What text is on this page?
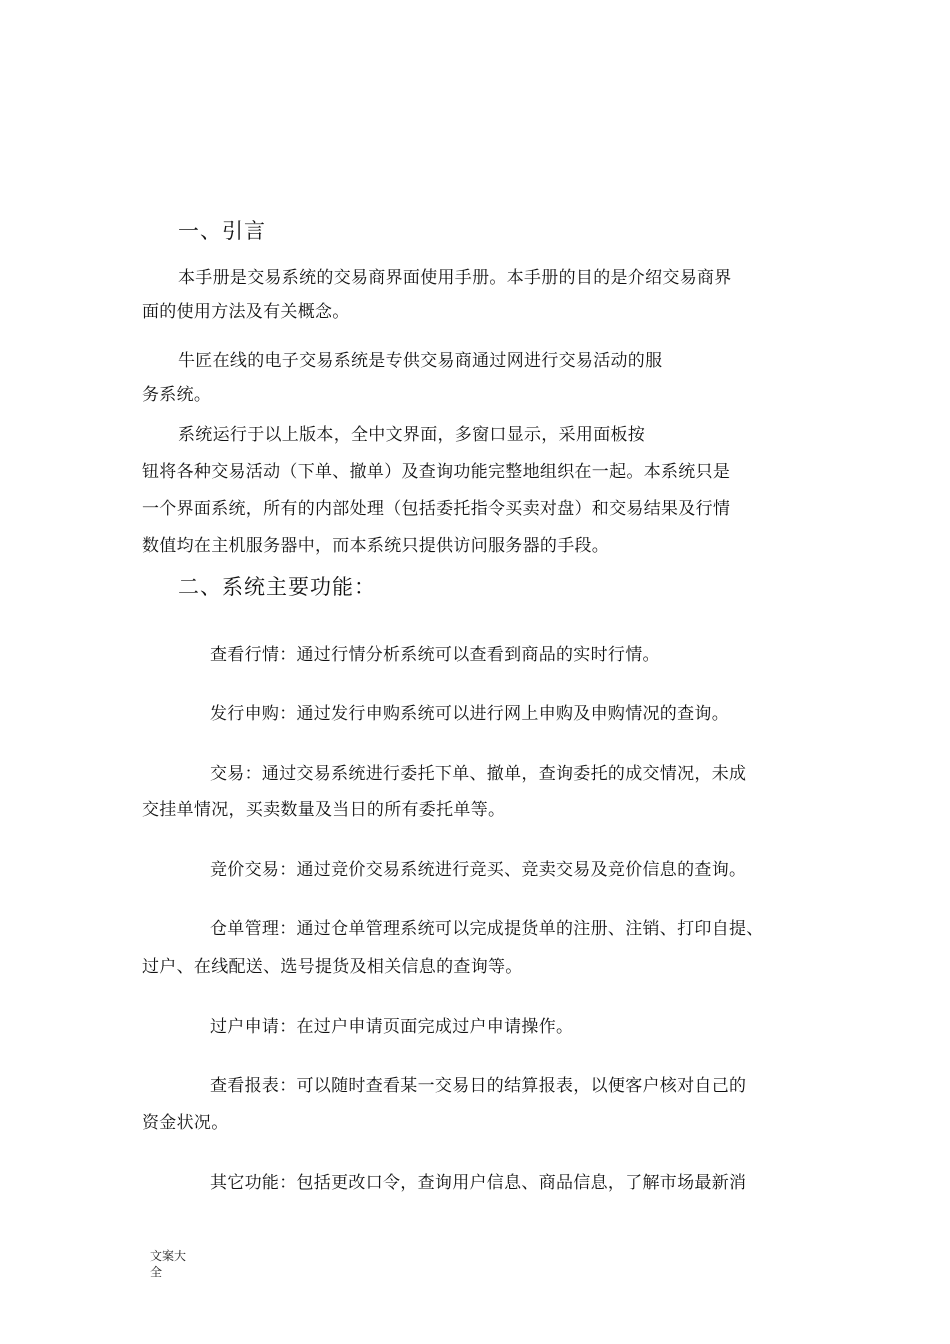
一、引言
本手册是交易系统的交易商界面使用手册。本手册的目的是介绍交易商界
面的使用方法及有关概念。
牛匠在线的电子交易系统是专供交易商通过网进行交易活动的服
务系统。
系统运行于以上版本，全中文界面，多窗口显示，采用面板按
钮将各种交易活动（下单、撤单）及查询功能完整地组织在一起。本系统只是
一个界面系统，所有的内部处理（包括委托指令买卖对盘）和交易结果及行情
数值均在主机服务器中，而本系统只提供访问服务器的手段。
二、系统主要功能：
查看行情：通过行情分析系统可以查看到商品的实时行情。
发行申购：通过发行申购系统可以进行网上申购及申购情况的查询。
交易：通过交易系统进行委托下单、撤单，查询委托的成交情况，未成
交挂单情况，买卖数量及当日的所有委托单等。
竞价交易：通过竞价交易系统进行竞买、竞卖交易及竞价信息的查询。
仓单管理：通过仓单管理系统可以完成提货单的注册、注销、打印自提、
过户、在线配送、选号提货及相关信息的查询等。
过户申请：在过户申请页面完成过户申请操作。
查看报表：可以随时查看某一交易日的结算报表，以便客户核对自己的
资金状况。
其它功能：包括更改口令，查询用户信息、商品信息，了解市场最新消
文案大
全
